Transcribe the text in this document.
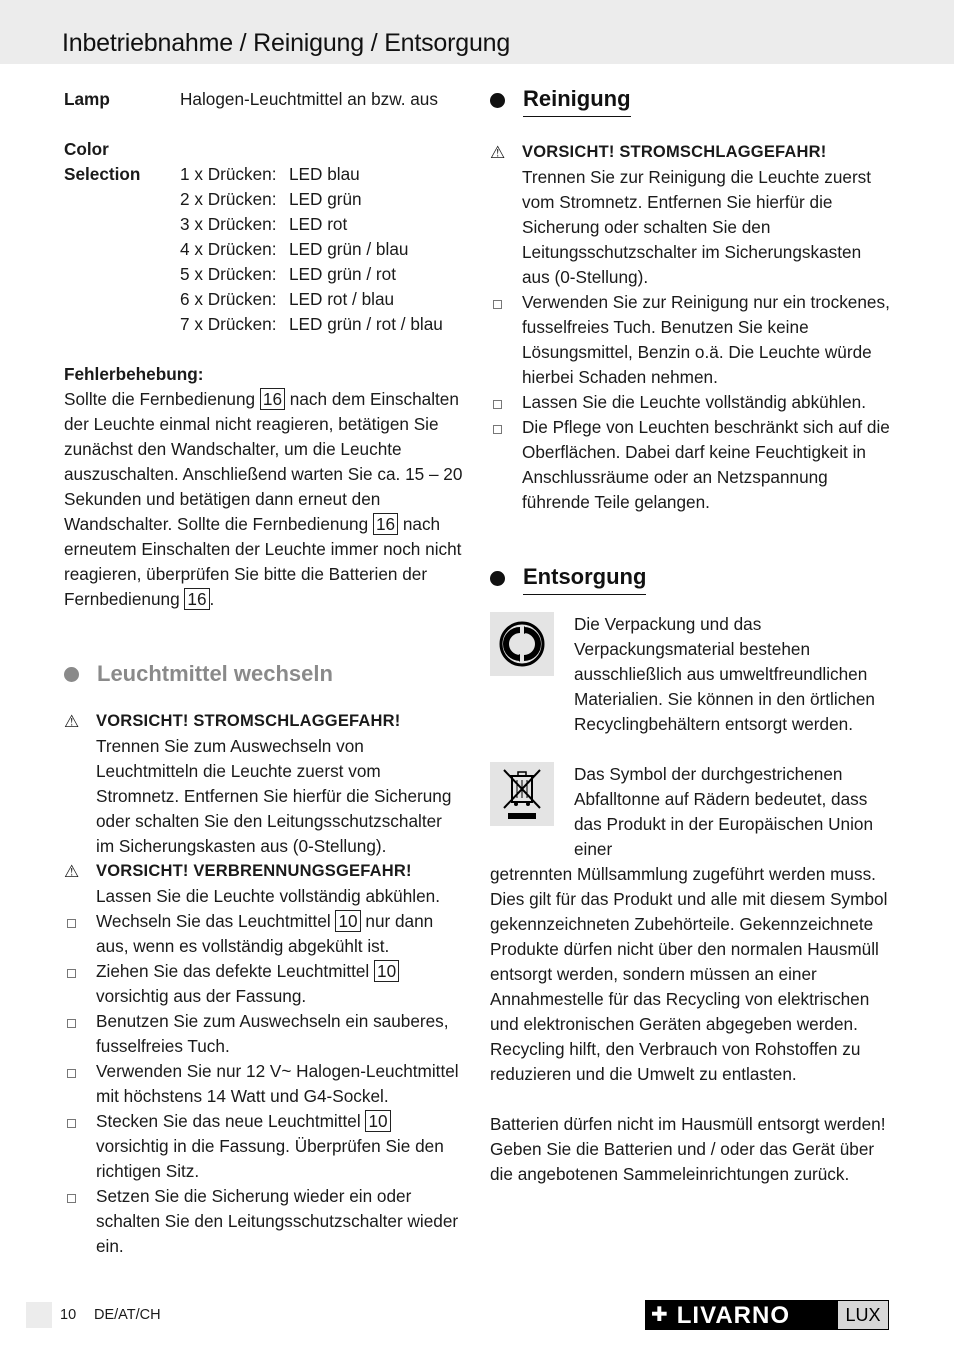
Inbetriebnahme / Reinigung / Entsorgung
Lamp	Halogen-Leuchtmittel an bzw. aus
Color
Selection	1 x Drücken: LED blau
2 x Drücken: LED grün
3 x Drücken: LED rot
4 x Drücken: LED grün / blau
5 x Drücken: LED grün / rot
6 x Drücken: LED rot / blau
7 x Drücken: LED grün / rot / blau
Fehlerbehebung:
Sollte die Fernbedienung 16 nach dem Einschalten der Leuchte einmal nicht reagieren, betätigen Sie zunächst den Wandschalter, um die Leuchte auszuschalten. Anschließend warten Sie ca. 15 – 20 Sekunden und betätigen dann erneut den Wandschalter. Sollte die Fernbedienung 16 nach erneutem Einschalten der Leuchte immer noch nicht reagieren, überprüfen Sie bitte die Batterien der Fernbedienung 16 .
Leuchtmittel wechseln
⚠	VORSICHT! STROMSCHLAGGEFAHR!
Trennen Sie zum Auswechseln von Leuchtmitteln die Leuchte zuerst vom Stromnetz. Entfernen Sie hierfür die Sicherung oder schalten Sie den Leitungsschutzschalter im Sicherungskasten aus (0-Stellung).
⚠	VORSICHT! VERBRENNUNGSGEFAHR!
Lassen Sie die Leuchte vollständig abkühlen.
Wechseln Sie das Leuchtmittel 10 nur dann aus, wenn es vollständig abgekühlt ist.
Ziehen Sie das defekte Leuchtmittel 10 vorsichtig aus der Fassung.
Benutzen Sie zum Auswechseln ein sauberes, fusselfreies Tuch.
Verwenden Sie nur 12 V~ Halogen-Leuchtmittel mit höchstens 14 Watt und G4-Sockel.
Stecken Sie das neue Leuchtmittel 10 vorsichtig in die Fassung. Überprüfen Sie den richtigen Sitz.
Setzen Sie die Sicherung wieder ein oder schalten Sie den Leitungsschutzschalter wieder ein.
Reinigung
⚠	VORSICHT! STROMSCHLAGGEFAHR!
Trennen Sie zur Reinigung die Leuchte zuerst vom Stromnetz. Entfernen Sie hierfür die Sicherung oder schalten Sie den Leitungsschutzschalter im Sicherungskasten aus (0-Stellung).
Verwenden Sie zur Reinigung nur ein trockenes, fusselfreies Tuch. Benutzen Sie keine Lösungsmittel, Benzin o.ä. Die Leuchte würde hierbei Schaden nehmen.
Lassen Sie die Leuchte vollständig abkühlen.
Die Pflege von Leuchten beschränkt sich auf die Oberflächen. Dabei darf keine Feuchtigkeit in Anschlussräume oder an Netzspannung führende Teile gelangen.
Entsorgung
Die Verpackung und das Verpackungsmaterial bestehen ausschließlich aus umweltfreundlichen Materialien. Sie können in den örtlichen Recyclingbehältern entsorgt werden.
Das Symbol der durchgestrichenen Abfalltonne auf Rädern bedeutet, dass das Produkt in der Europäischen Union einer
getrennten Müllsammlung zugeführt werden muss. Dies gilt für das Produkt und alle mit diesem Symbol gekennzeichneten Zubehörteile. Gekennzeichnete Produkte dürfen nicht über den normalen Hausmüll entsorgt werden, sondern müssen an einer Annahmestelle für das Recycling von elektrischen und elektronischen Geräten abgegeben werden. Recycling hilft, den Verbrauch von Rohstoffen zu reduzieren und die Umwelt zu entlasten.
Batterien dürfen nicht im Hausmüll entsorgt werden! Geben Sie die Batterien und / oder das Gerät über die angebotenen Sammeleinrichtungen zurück.
10 DE/AT/CH	✚ LIVARNO	LUX
